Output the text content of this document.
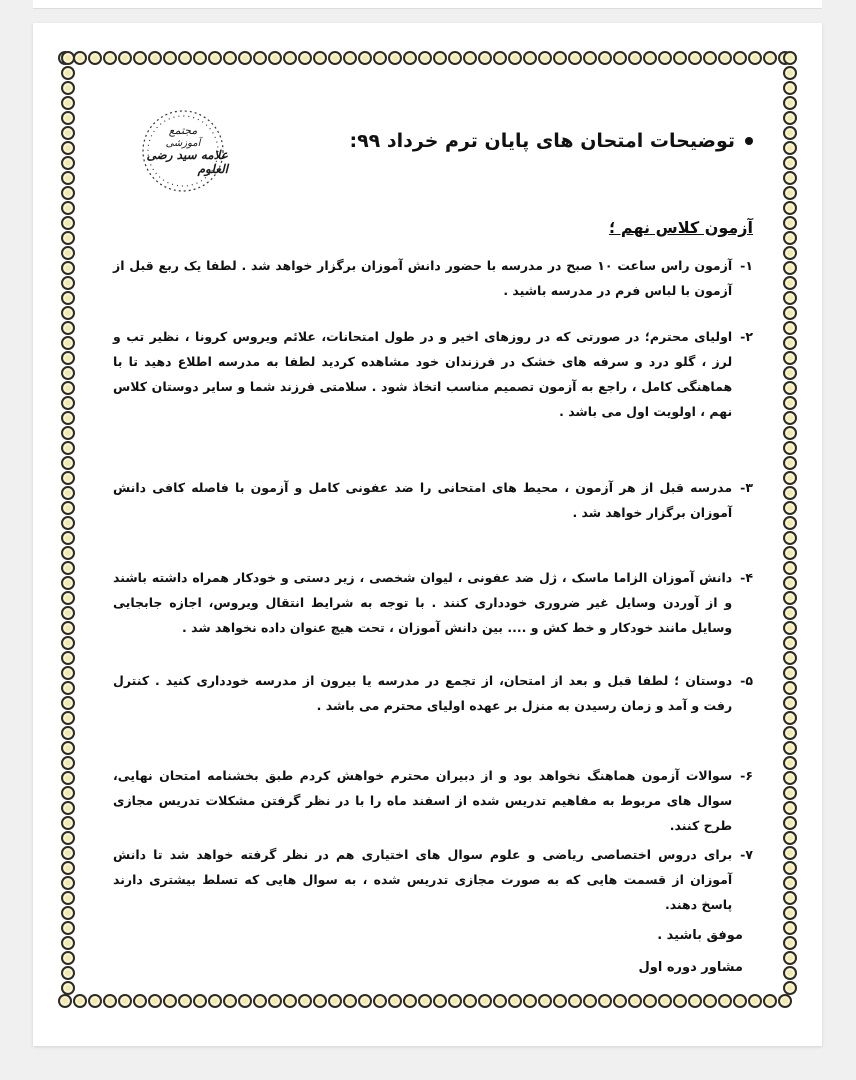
مجتمع
آموزشی
علامه سید رضی العلوم
توضیحات امتحان های پایان ترم خرداد ۹۹:
آزمون کلاس نهم ؛
۱-
آزمون راس ساعت ۱۰ صبح در مدرسه با حضور دانش آموزان برگزار خواهد شد . لطفا یک ربع قبل از آزمون با لباس فرم در مدرسه باشید .
۲-
اولیای محترم؛ در صورتی که در روزهای اخیر و در طول امتحانات، علائم ویروس کرونا ، نظیر تب و لرز ، گلو درد و سرفه های خشک در فرزندان خود مشاهده کردید لطفا به مدرسه اطلاع دهید تا با هماهنگی کامل ، راجع به آزمون تصمیم مناسب اتخاذ شود . سلامتی فرزند شما و سایر دوستان کلاس نهم ، اولویت اول می باشد .
۳-
مدرسه قبل از هر آزمون ، محیط های امتحانی را ضد عفونی کامل و آزمون با فاصله کافی دانش آموزان برگزار خواهد شد .
۴-
دانش آموزان الزاما ماسک ، ژل ضد عفونی ، لیوان شخصی ، زیر دستی و خودکار همراه داشته باشند و از آوردن وسایل غیر ضروری خودداری کنند . با توجه به شرایط انتقال ویروس، اجازه جابجایی وسایل مانند خودکار و خط کش و .... بین دانش آموزان ، تحت هیچ عنوان داده نخواهد شد .
۵-
دوستان ؛ لطفا قبل و بعد از امتحان، از تجمع در مدرسه یا بیرون از مدرسه خودداری کنید . کنترل رفت و آمد و زمان رسیدن به منزل بر عهده اولیای محترم می باشد .
۶-
سوالات آزمون هماهنگ نخواهد بود و از دبیران محترم خواهش کردم طبق بخشنامه امتحان نهایی، سوال های مربوط به مفاهیم تدریس شده از اسفند ماه را با در نظر گرفتن مشکلات تدریس مجازی طرح کنند.
۷-
برای دروس اختصاصی ریاضی و علوم سوال های اختیاری هم در نظر گرفته خواهد شد تا دانش آموزان از قسمت هایی که به صورت مجازی تدریس شده ، به سوال هایی که تسلط بیشتری دارند پاسخ دهند.
موفق باشید .
مشاور دوره اول
